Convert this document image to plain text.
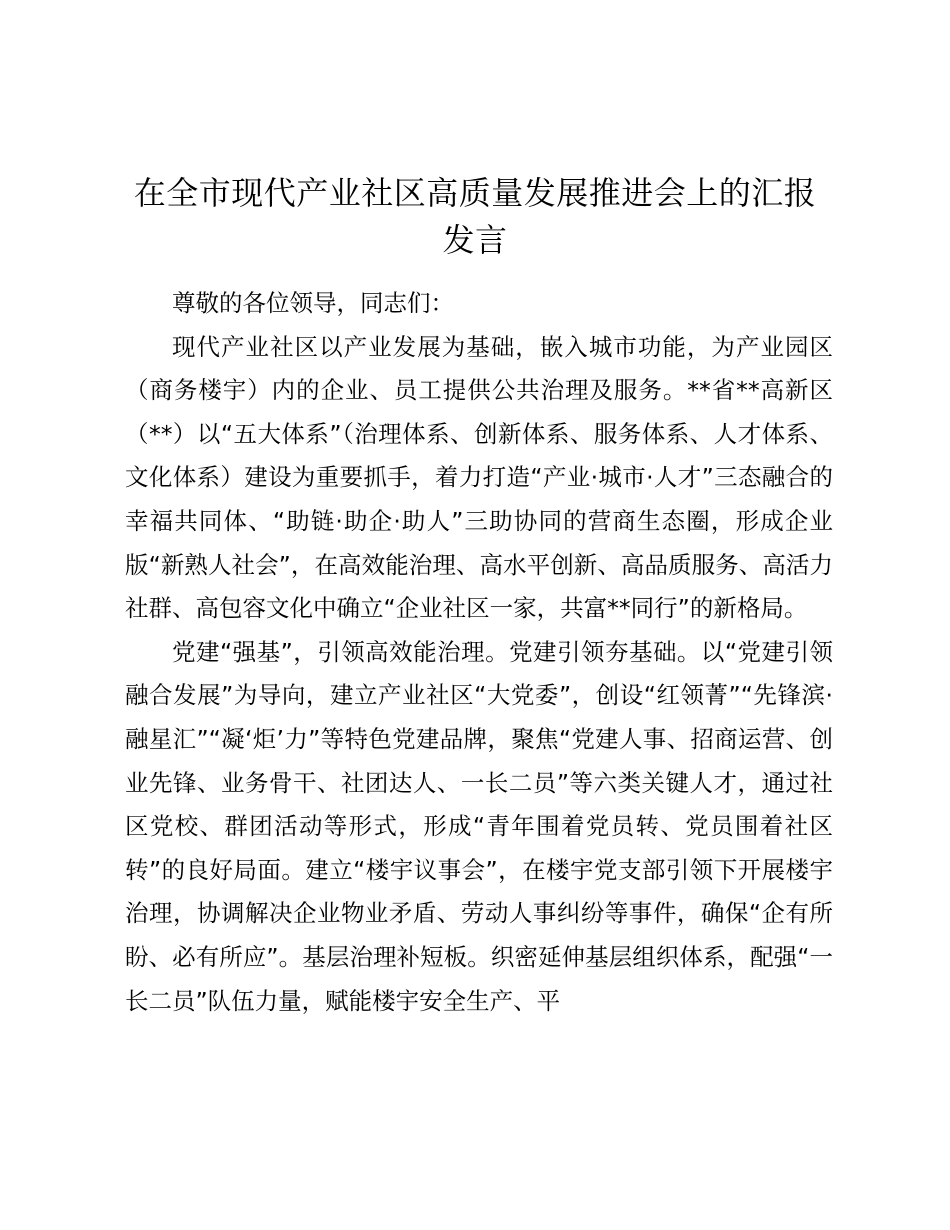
在全市现代产业社区高质量发展推进会上的汇报发言

尊敬的各位领导，同志们：

现代产业社区以产业发展为基础，嵌入城市功能，为产业园区（商务楼宇）内的企业、员工提供公共治理及服务。**省**高新区（**）以“五大体系”（治理体系、创新体系、服务体系、人才体系、文化体系）建设为重要抓手，着力打造“产业·城市·人才”三态融合的幸福共同体、“助链·助企·助人”三助协同的营商生态圈，形成企业版“新熟人社会”，在高效能治理、高水平创新、高品质服务、高活力社群、高包容文化中确立“企业社区一家，共富**同行”的新格局。

党建“强基”，引领高效能治理。党建引领夯基础。以“党建引领融合发展”为导向，建立产业社区“大党委”，创设“红领菁”“先锋滨·融星汇”“凝‘炬’力”等特色党建品牌，聚焦“党建人事、招商运营、创业先锋、业务骨干、社团达人、一长二员”等六类关键人才，通过社区党校、群团活动等形式，形成“青年围着党员转、党员围着社区转”的良好局面。建立“楼宇议事会”，在楼宇党支部引领下开展楼宇治理，协调解决企业物业矛盾、劳动人事纠纷等事件，确保“企有所盼、必有所应”。基层治理补短板。织密延伸基层组织体系，配强“一长二员”队伍力量，赋能楼宇安全生产、平
